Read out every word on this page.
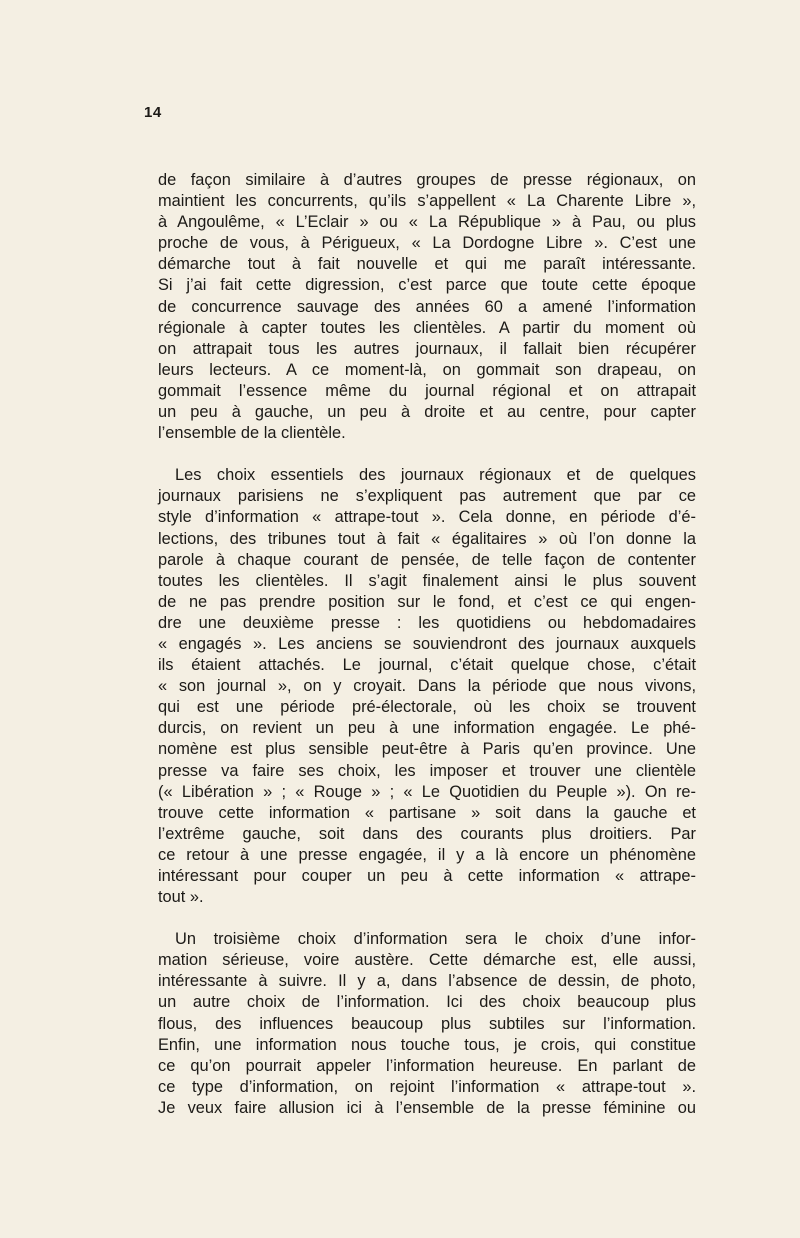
14
de façon similaire à d’autres groupes de presse régionaux, on
maintient les concurrents, qu’ils s’appellent « La Charente Libre »,
à Angoulême, « L’Eclair » ou « La République » à Pau, ou plus
proche de vous, à Périgueux, « La Dordogne Libre ». C’est une
démarche tout à fait nouvelle et qui me paraît intéressante.
Si j’ai fait cette digression, c’est parce que toute cette époque
de concurrence sauvage des années 60 a amené l’information
régionale à capter toutes les clientèles. A partir du moment où
on attrapait tous les autres journaux, il fallait bien récupérer
leurs lecteurs. A ce moment-là, on gommait son drapeau, on
gommait l’essence même du journal régional et on attrapait
un peu à gauche, un peu à droite et au centre, pour capter
l’ensemble de la clientèle.
Les choix essentiels des journaux régionaux et de quelques
journaux parisiens ne s’expliquent pas autrement que par ce
style d’information « attrape-tout ». Cela donne, en période d’é-
lections, des tribunes tout à fait « égalitaires » où l’on donne la
parole à chaque courant de pensée, de telle façon de contenter
toutes les clientèles. Il s’agit finalement ainsi le plus souvent
de ne pas prendre position sur le fond, et c’est ce qui engen-
dre une deuxième presse : les quotidiens ou hebdomadaires
« engagés ». Les anciens se souviendront des journaux auxquels
ils étaient attachés. Le journal, c’était quelque chose, c’était
« son journal », on y croyait. Dans la période que nous vivons,
qui est une période pré-électorale, où les choix se trouvent
durcis, on revient un peu à une information engagée. Le phé-
nomène est plus sensible peut-être à Paris qu’en province. Une
presse va faire ses choix, les imposer et trouver une clientèle
(« Libération » ; « Rouge » ; « Le Quotidien du Peuple »). On re-
trouve cette information « partisane » soit dans la gauche et
l’extrême gauche, soit dans des courants plus droitiers. Par
ce retour à une presse engagée, il y a là encore un phénomène
intéressant pour couper un peu à cette information « attrape-
tout ».
Un troisième choix d’information sera le choix d’une infor-
mation sérieuse, voire austère. Cette démarche est, elle aussi,
intéressante à suivre. Il y a, dans l’absence de dessin, de photo,
un autre choix de l’information. Ici des choix beaucoup plus
flous, des influences beaucoup plus subtiles sur l’information.
Enfin, une information nous touche tous, je crois, qui constitue
ce qu’on pourrait appeler l’information heureuse. En parlant de
ce type d’information, on rejoint l’information « attrape-tout ».
Je veux faire allusion ici à l’ensemble de la presse féminine ou
